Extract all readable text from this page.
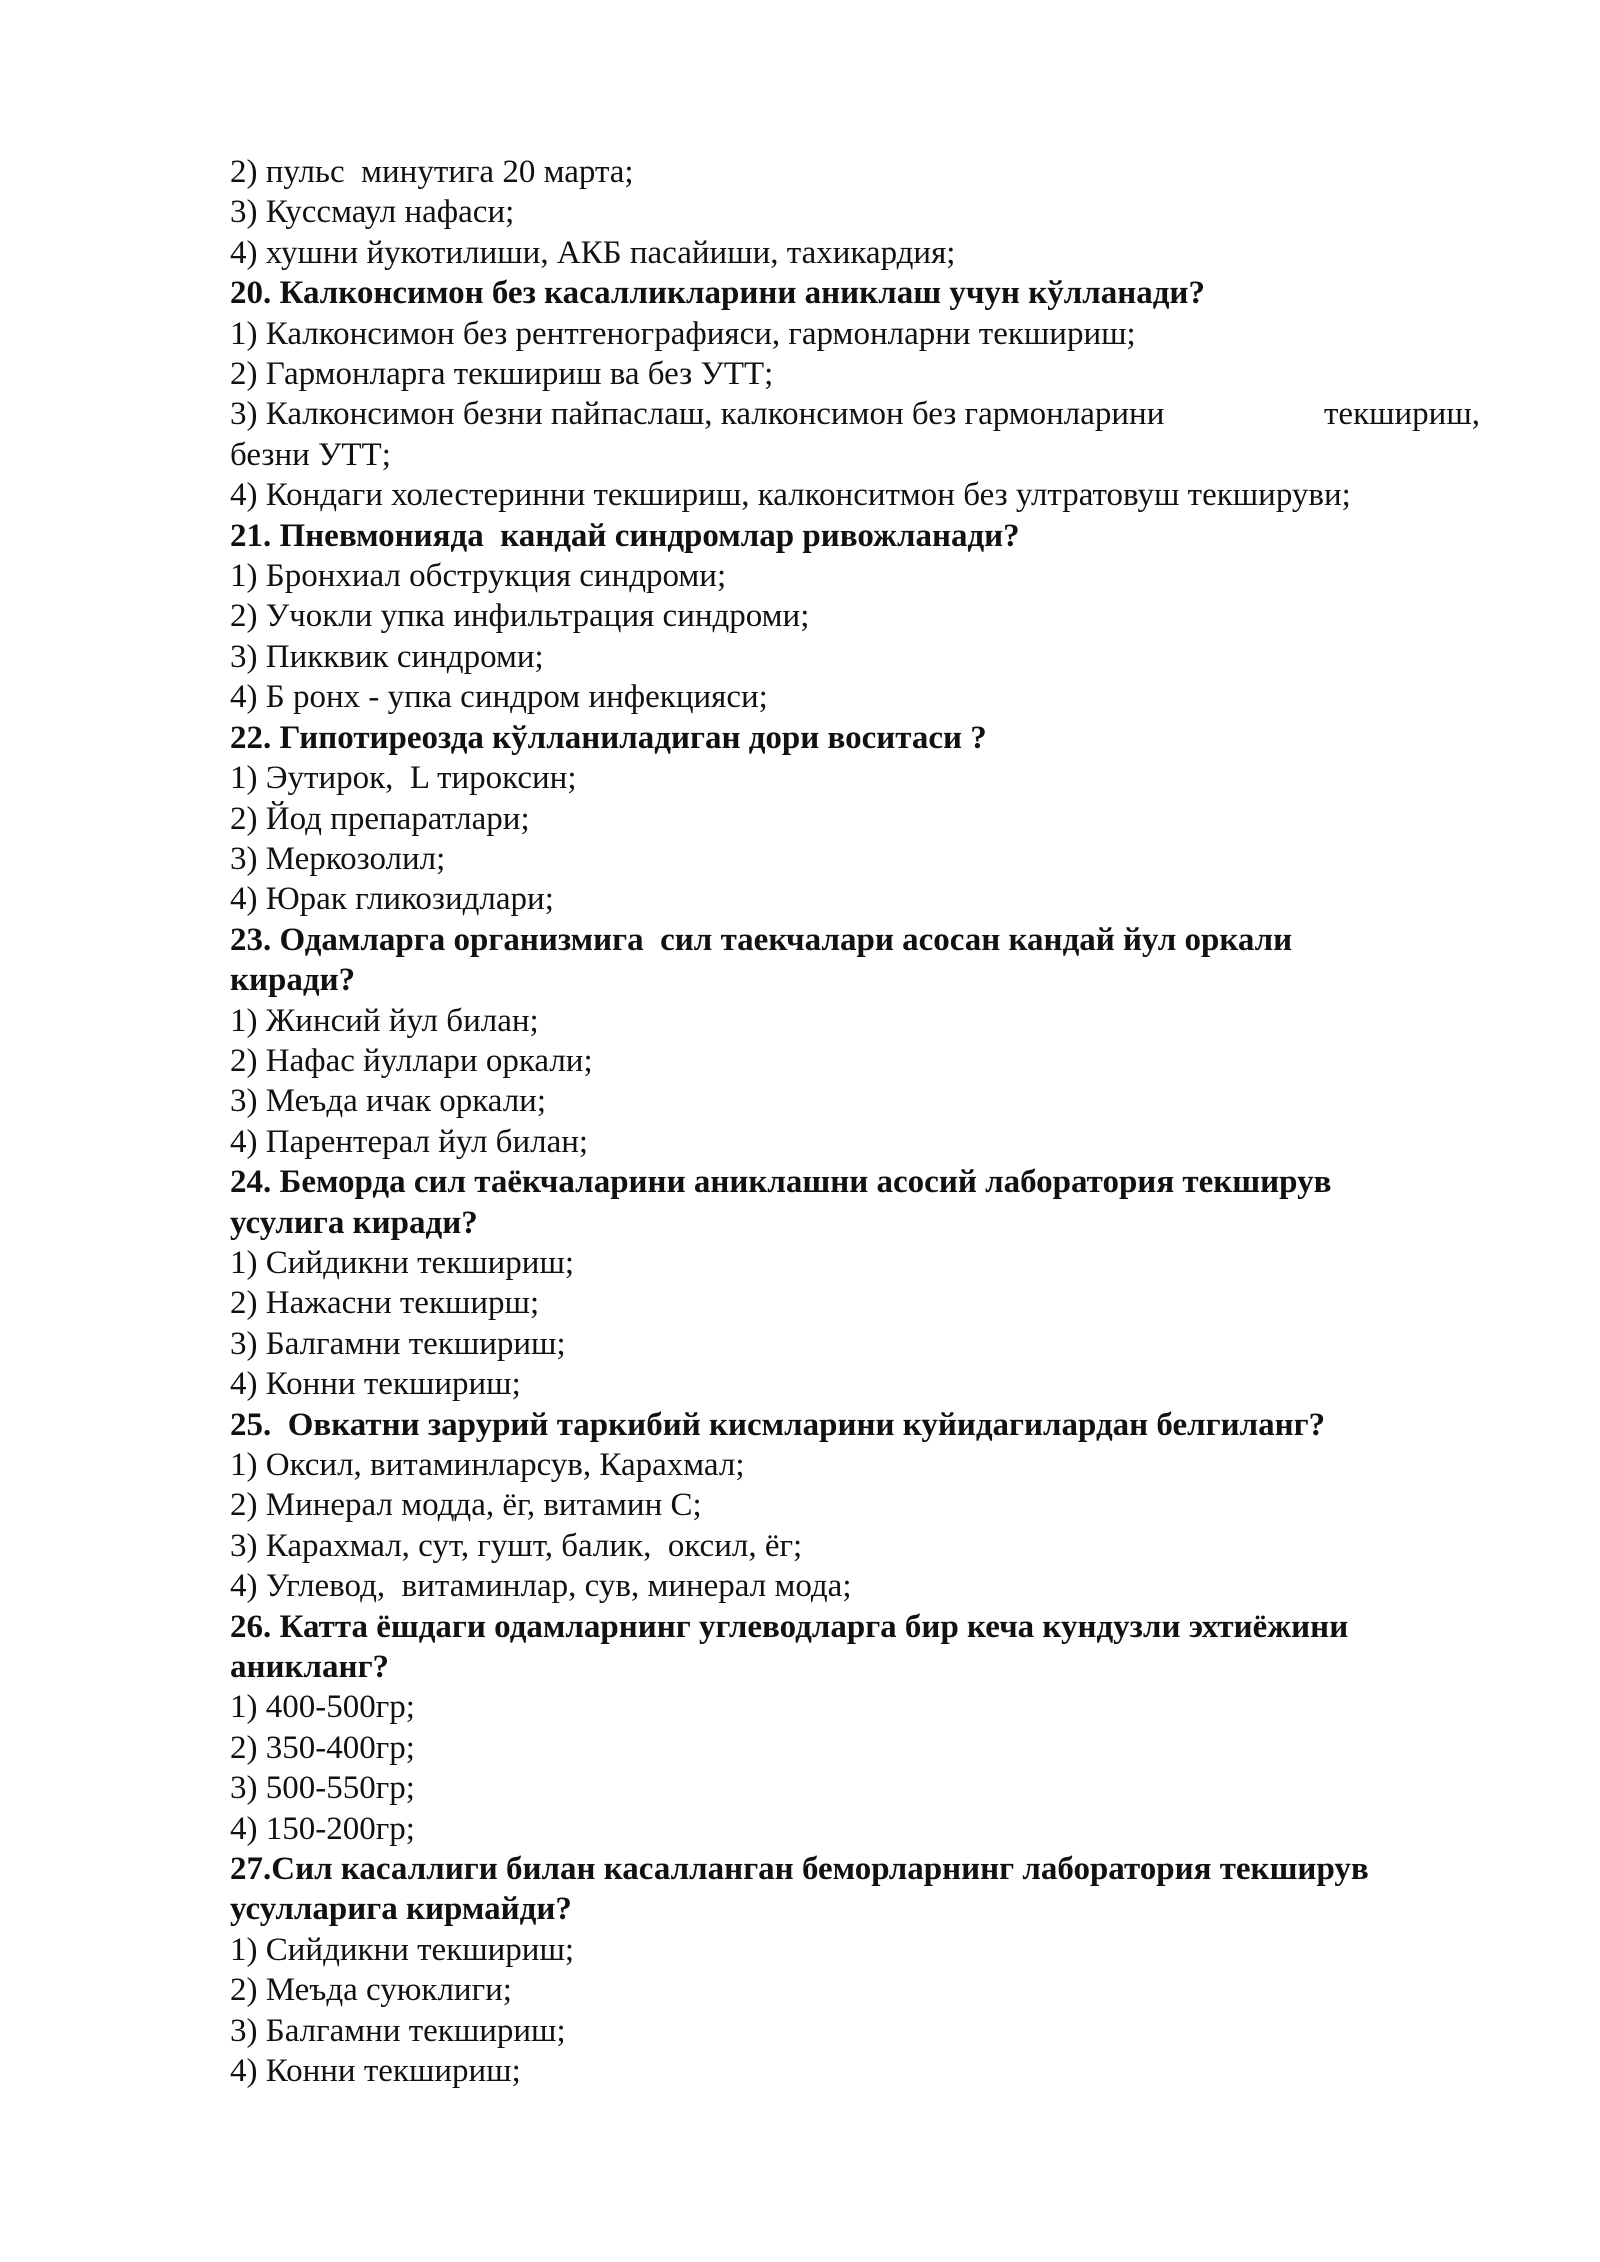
2) пульс  минутига 20 марта;
3) Куссмаул нафаси;
4) хушни йукотилиши, АКБ пасайиши, тахикардия;
20. Калконсимон без касалликларини аниклаш учун кўлланади?
1) Калконсимон без рентгенографияси, гармонларни текшириш;
2) Гармонларга текшириш ва без УТТ;
3) Калконсимон безни пайпаслаш, калконсимон без гармонларини	текшириш,
безни УТТ;
4) Кондаги холестеринни текшириш, калконситмон без ултратовуш текшируви;
21. Пневмонияда  кандай синдромлар ривожланади?
1) Бронхиал обструкция синдроми;
2) Учокли упка инфильтрация синдроми;
3) Пикквик синдроми;
4) Б ронх - упка синдром инфекцияси;
22. Гипотиреозда кўлланиладиган дори воситаси ?
1) Эутирок,  L тироксин;
2) Йод препаратлари;
3) Меркозолил;
4) Юрак гликозидлари;
23. Одамларга организмига  сил таекчалари асосан кандай йул оркали
киради?
1) Жинсий йул билан;
2) Нафас йуллари оркали;
3) Меъда ичак оркали;
4) Парентерал йул билан;
24. Беморда сил таёкчаларини аниклашни асосий лаборатория текширув
усулига киради?
1) Сийдикни текшириш;
2) Нажасни текширш;
3) Балгамни текшириш;
4) Конни текшириш;
25.  Овкатни зарурий таркибий кисмларини куйидагилардан белгиланг?
1) Оксил, витаминларсув, Карахмал;
2) Минерал модда, ёг, витамин С;
3) Карахмал, сут, гушт, балик,  оксил, ёг;
4) Углевод,  витаминлар, сув, минерал мода;
26. Катта ёшдаги одамларнинг углеводларга бир кеча кундузли эхтиёжини
аникланг?
1) 400-500гр;
2) 350-400гр;
3) 500-550гр;
4) 150-200гр;
27.Сил касаллиги билан касалланган беморларнинг лаборатория текширув
усулларига кирмайди?
1) Сийдикни текшириш;
2) Меъда суюклиги;
3) Балгамни текшириш;
4) Конни текшириш;
